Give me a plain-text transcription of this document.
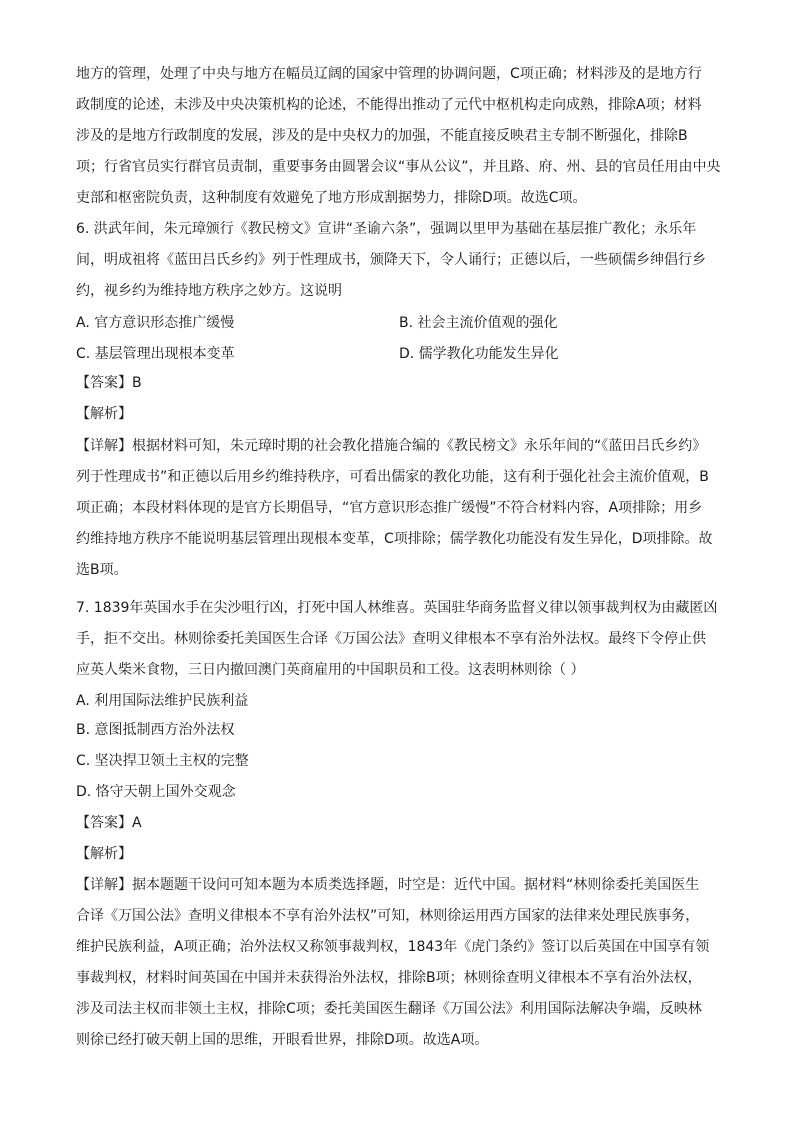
地方的管理，处理了中央与地方在幅员辽阔的国家中管理的协调问题，C项正确；材料涉及的是地方行
政制度的论述，未涉及中央决策机构的论述，不能得出推动了元代中枢机构走向成熟，排除A项；材料
涉及的是地方行政制度的发展，涉及的是中央权力的加强，不能直接反映君主专制不断强化，排除B
项；行省官员实行群官员责制，重要事务由圆署会议“事从公议”，并且路、府、州、县的官员任用由中央
吏部和枢密院负责，这种制度有效避免了地方形成割据势力，排除D项。故选C项。
6. 洪武年间，朱元璋颁行《教民榜文》宣讲“圣谕六条”，强调以里甲为基础在基层推广教化；永乐年
间，明成祖将《蓝田吕氏乡约》列于性理成书，颁降天下，令人诵行；正德以后，一些硕儒乡绅倡行乡
约，视乡约为维持地方秩序之妙方。这说明
A. 官方意识形态推广缓慢	B. 社会主流价值观的强化
C. 基层管理出现根本变革	D. 儒学教化功能发生异化
【答案】B
【解析】
【详解】根据材料可知，朱元璋时期的社会教化措施合编的《教民榜文》永乐年间的“《蓝田吕氏乡约》
列于性理成书”和正德以后用乡约维持秩序，可看出儒家的教化功能，这有利于强化社会主流价值观，B
项正确；本段材料体现的是官方长期倡导，“官方意识形态推广缓慢”不符合材料内容，A项排除；用乡
约维持地方秩序不能说明基层管理出现根本变革，C项排除；儒学教化功能没有发生异化，D项排除。故
选B项。
7. 1839年英国水手在尖沙咀行凶，打死中国人林维喜。英国驻华商务监督义律以领事裁判权为由藏匿凶
手，拒不交出。林则徐委托美国医生合译《万国公法》查明义律根本不享有治外法权。最终下令停止供
应英人柴米食物，三日内撤回澳门英商雇用的中国职员和工役。这表明林则徐（ ）
A. 利用国际法维护民族利益
B. 意图抵制西方治外法权
C. 坚决捍卫领土主权的完整
D. 恪守天朝上国外交观念
【答案】A
【解析】
【详解】据本题题干设问可知本题为本质类选择题，时空是：近代中国。据材料“林则徐委托美国医生
合译《万国公法》查明义律根本不享有治外法权”可知，林则徐运用西方国家的法律来处理民族事务，
维护民族利益，A项正确；治外法权又称领事裁判权，1843年《虎门条约》签订以后英国在中国享有领
事裁判权，材料时间英国在中国并未获得治外法权，排除B项；林则徐查明义律根本不享有治外法权，
涉及司法主权而非领土主权，排除C项；委托美国医生翻译《万国公法》利用国际法解决争端，反映林
则徐已经打破天朝上国的思维，开眼看世界，排除D项。故选A项。
